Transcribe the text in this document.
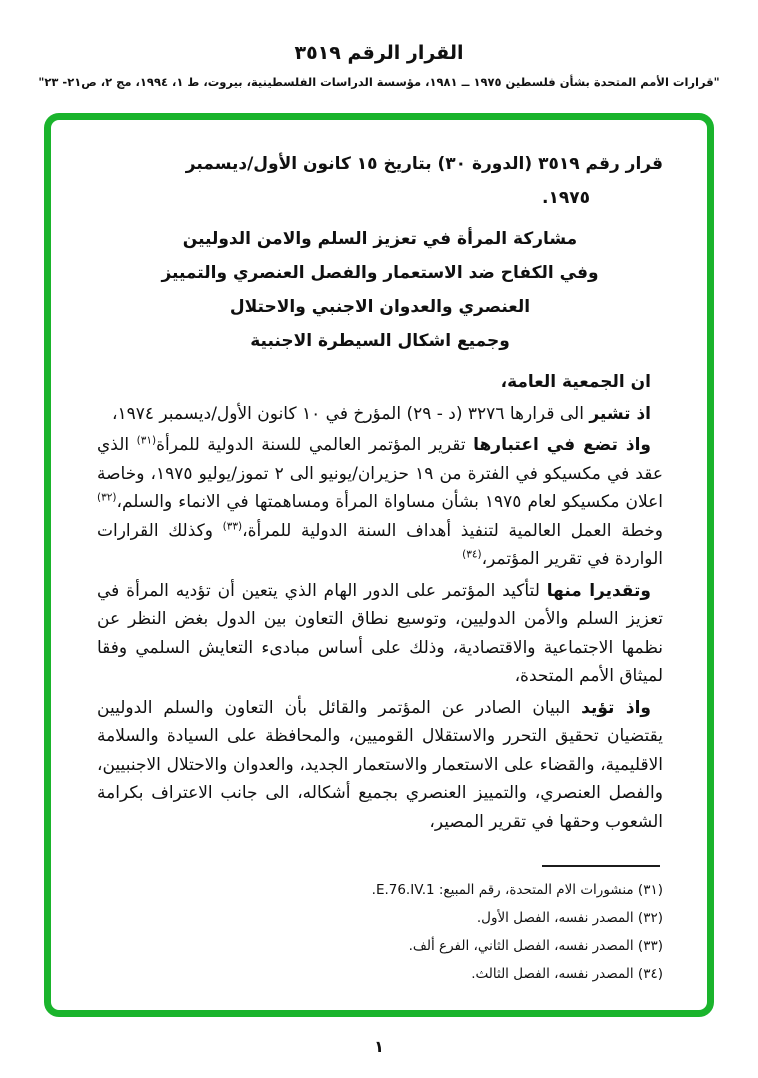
القرار الرقم ٣٥١٩
"قرارات الأمم المتحدة بشأن فلسطين ١٩٧٥ ــ ١٩٨١، مؤسسة الدراسات الفلسطينية، بيروت، ط ١، ١٩٩٤، مج ٢، ص٢١- ٢٣"
قرار رقم ٣٥١٩ (الدورة ٣٠) بتاريخ ١٥ كانون الأول/ديسمبر
١٩٧٥.
مشاركة المرأة في تعزيز السلم والامن الدوليين
وفي الكفاح ضد الاستعمار والفصل العنصري والتمييز
العنصري والعدوان الاجنبي والاحتلال
وجميع اشكال السيطرة الاجنبية

ان الجمعية العامة،

اذ تشير الى قرارها ٣٢٧٦ (د - ٢٩) المؤرخ في ١٠ كانون الأول/ديسمبر ١٩٧٤،

واذ تضع في اعتبارها تقرير المؤتمر العالمي للسنة الدولية للمرأة$^{(٣١)}$ الذي عقد في مكسيكو في الفترة من ١٩ حزيران/يونيو الى ٢ تموز/يوليو ١٩٧٥، وخاصة اعلان مكسيكو لعام ١٩٧٥ بشأن مساواة المرأة ومساهمتها في الانماء والسلم،$^{(٣٢)}$ وخطة العمل العالمية لتنفيذ أهداف السنة الدولية للمرأة،$^{(٣٣)}$ وكذلك القرارات الواردة في تقرير المؤتمر،$^{(٣٤)}$

وتقديرا منها لتأكيد المؤتمر على الدور الهام الذي يتعين أن تؤديه المرأة في تعزيز السلم والأمن الدوليين، وتوسيع نطاق التعاون بين الدول بغض النظر عن نظمها الاجتماعية والاقتصادية، وذلك على أساس مبادىء التعايش السلمي وفقا لميثاق الأمم المتحدة،

واذ تؤيد البيان الصادر عن المؤتمر والقائل بأن التعاون والسلم الدوليين يقتضيان تحقيق التحرر والاستقلال القوميين، والمحافظة على السيادة والسلامة الاقليمية، والقضاء على الاستعمار والاستعمار الجديد، والعدوان والاحتلال الاجنبيين، والفصل العنصري، والتمييز العنصري بجميع أشكاله، الى جانب الاعتراف بكرامة الشعوب وحقها في تقرير المصير،

(٣١) منشورات الام المتحدة، رقم المبيع: E.76.IV.1.
(٣٢) المصدر نفسه، الفصل الأول.
(٣٣) المصدر نفسه، الفصل الثاني، الفرع ألف.
(٣٤) المصدر نفسه، الفصل الثالث.
١
